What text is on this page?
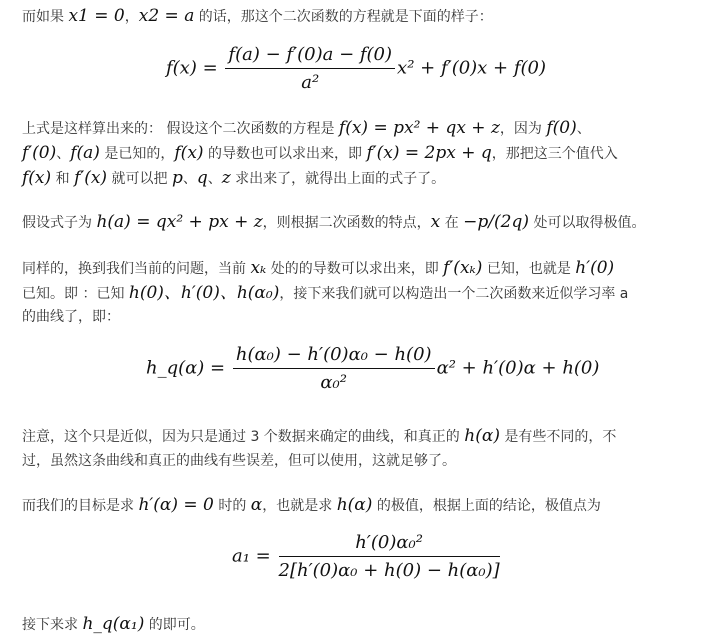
而如果 x1 = 0，x2 = a 的话，那这个二次函数的方程就是下面的样子：
$f(x) = \frac{f(a) - f'(0)a - f(0)}{\text{a²}} x^2 + f'(0)x + f(0)$
上式是这样算出来的： 假设这个二次函数的方程是 f(x) = px² + qx + z，因为 f(0)、
f′(0)、f(a) 是已知的，f(x) 的导数也可以求出来，即 f′(x) = 2px + q，那把这三个值代入
f(x) 和 f′(x) 就可以把 p、q、z 求出来了，就得出上面的式子了。
假设式子为 h(a) = qx² + px + z，则根据二次函数的特点，x 在 −p/(2q) 处可以取得极值。
同样的，换到我们当前的问题，当前 xₖ 处的的导数可以求出来，即 f′(xₖ) 已知，也就是 h′(0)
已知。即 ：已知 h(0)、h′(0)、h(α₀)，接下来我们就可以构造出一个二次函数来近似学习率 a
的曲线了，即：
h_q(α) = $\frac{\text{h(α₀) − h′(0)α₀ − h(0)}}{\text{α₀²}} \alpha^2 + h'(0)\alpha + h(0)$
注意，这个只是近似，因为只是通过 3 个数据来确定的曲线，和真正的 h(α) 是有些不同的，不
过，虽然这条曲线和真正的曲线有些误差，但可以使用，这就足够了。
而我们的目标是求 h′(α) = 0 时的 α，也就是求 h(α) 的极值，根据上面的结论，极值点为
$a_1 = \frac{\text{h′(0)α₀²}}{\text{2[h′(0)α₀ + h(0) − h(α₀)]}}$
接下来求 h_q(α₁) 的即可。
